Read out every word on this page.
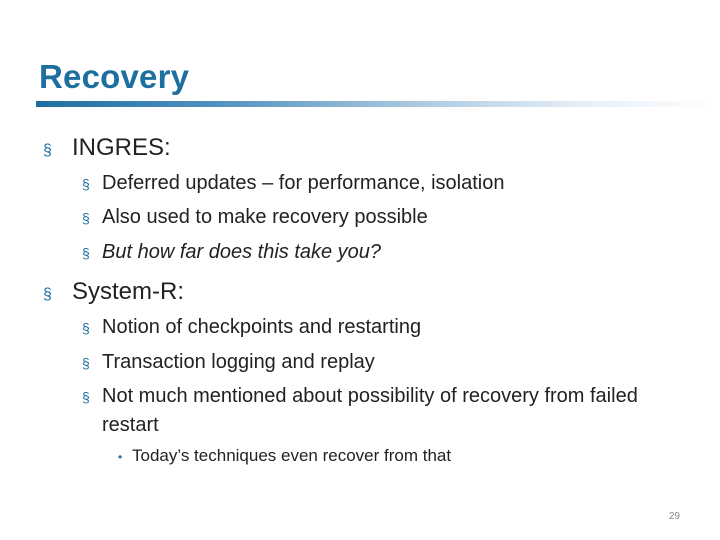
Recovery
§ INGRES:
§ Deferred updates – for performance, isolation
§ Also used to make recovery possible
§ But how far does this take you?
§ System-R:
§ Notion of checkpoints and restarting
§ Transaction logging and replay
§ Not much mentioned about possibility of recovery from failed restart
• Today’s techniques even recover from that
29
